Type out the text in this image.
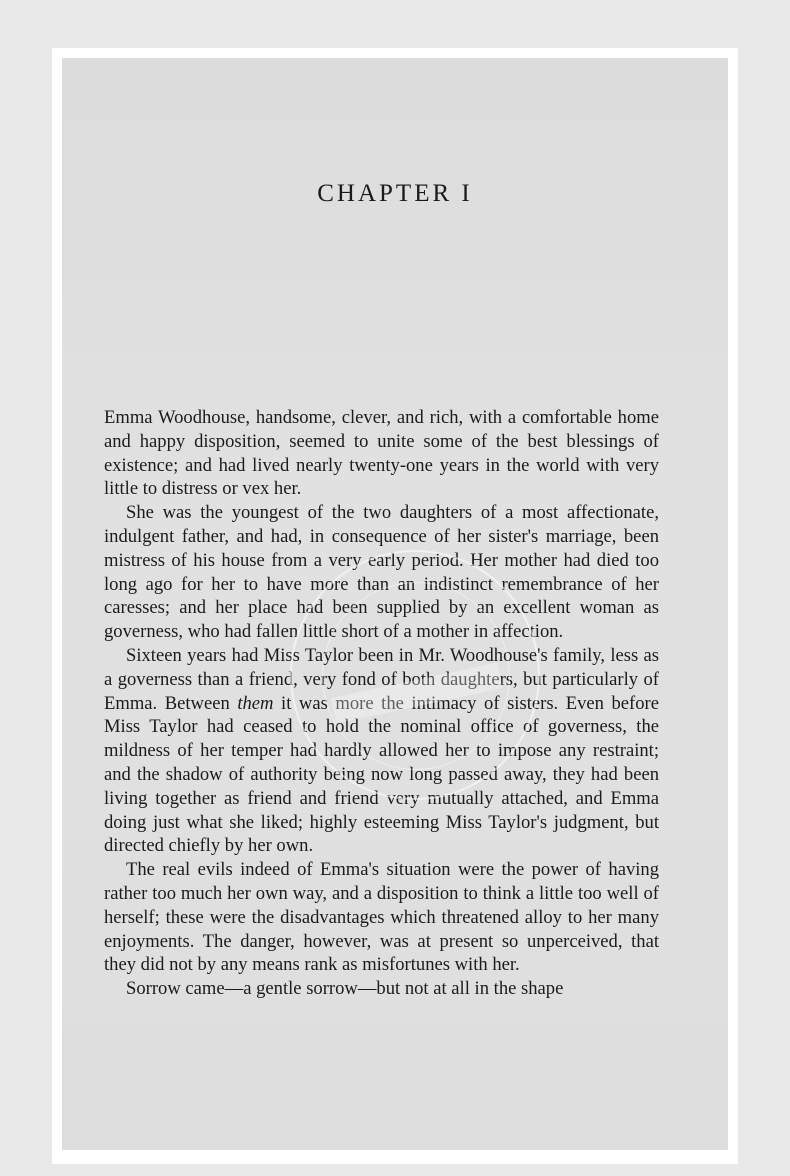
CHAPTER I

Emma Woodhouse, handsome, clever, and rich, with a comfortable home and happy disposition, seemed to unite some of the best blessings of existence; and had lived nearly twenty-one years in the world with very little to distress or vex her.

She was the youngest of the two daughters of a most affectionate, indulgent father, and had, in consequence of her sister's marriage, been mistress of his house from a very early period. Her mother had died too long ago for her to have more than an indistinct remembrance of her caresses; and her place had been supplied by an excellent woman as governess, who had fallen little short of a mother in affection.

Sixteen years had Miss Taylor been in Mr. Woodhouse's family, less as a governess than a friend, very fond of both daughters, but particularly of Emma. Between them it was more the intimacy of sisters. Even before Miss Taylor had ceased to hold the nominal office of governess, the mildness of her temper had hardly allowed her to impose any restraint; and the shadow of authority being now long passed away, they had been living together as friend and friend very mutually attached, and Emma doing just what she liked; highly esteeming Miss Taylor's judgment, but directed chiefly by her own.

The real evils indeed of Emma's situation were the power of having rather too much her own way, and a disposition to think a little too well of herself; these were the disadvantages which threatened alloy to her many enjoyments. The danger, however, was at present so unperceived, that they did not by any means rank as misfortunes with her.

Sorrow came—a gentle sorrow—but not at all in the shape
